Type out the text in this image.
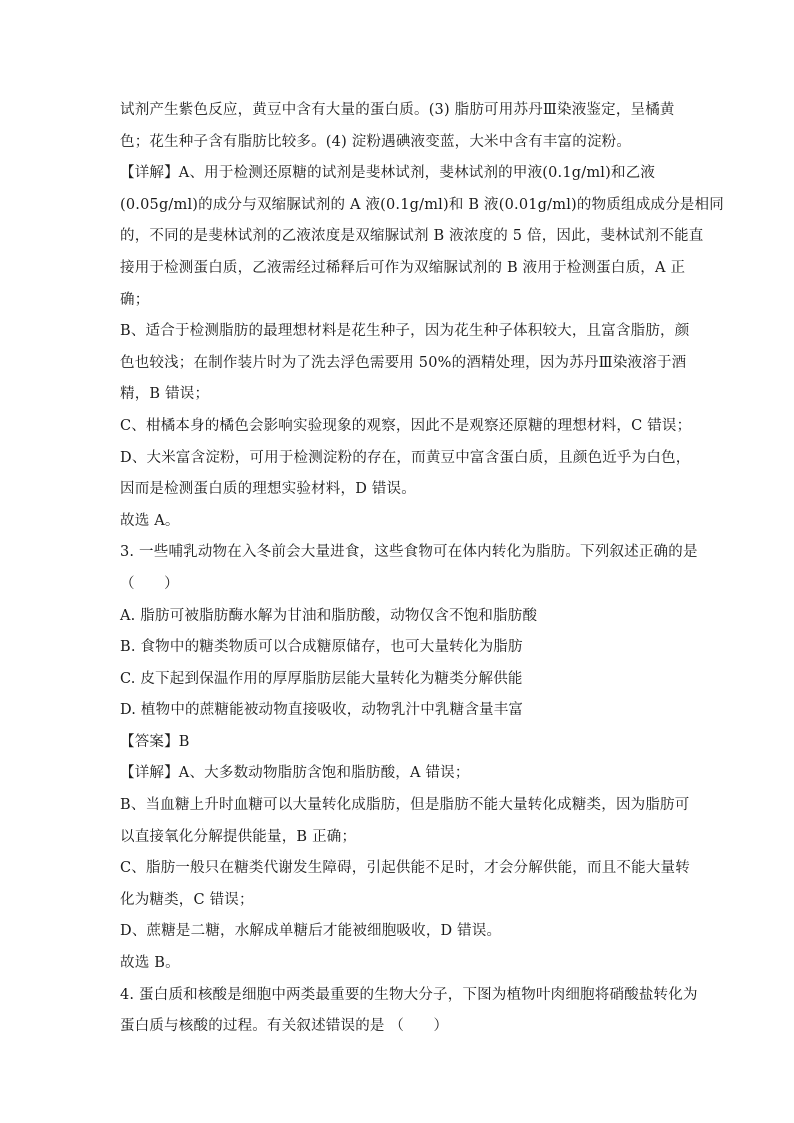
试剂产生紫色反应，黄豆中含有大量的蛋白质。(3) 脂肪可用苏丹Ⅲ染液鉴定，呈橘黄
色；花生种子含有脂肪比较多。(4) 淀粉遇碘液变蓝，大米中含有丰富的淀粉。
【详解】A、用于检测还原糖的试剂是斐林试剂，斐林试剂的甲液(0.1g/ml)和乙液
(0.05g/ml)的成分与双缩脲试剂的 A 液(0.1g/ml)和 B 液(0.01g/ml)的物质组成成分是相同
的，不同的是斐林试剂的乙液浓度是双缩脲试剂 B 液浓度的 5 倍，因此，斐林试剂不能直
接用于检测蛋白质，乙液需经过稀释后可作为双缩脲试剂的 B 液用于检测蛋白质，A 正
确；
B、适合于检测脂肪的最理想材料是花生种子，因为花生种子体积较大，且富含脂肪，颜
色也较浅；在制作装片时为了洗去浮色需要用 50%的酒精处理，因为苏丹Ⅲ染液溶于酒
精，B 错误；
C、柑橘本身的橘色会影响实验现象的观察，因此不是观察还原糖的理想材料，C 错误；
D、大米富含淀粉，可用于检测淀粉的存在，而黄豆中富含蛋白质，且颜色近乎为白色，
因而是检测蛋白质的理想实验材料，D 错误。
故选 A。
3. 一些哺乳动物在入冬前会大量进食，这些食物可在体内转化为脂肪。下列叙述正确的是
（　　）
A. 脂肪可被脂肪酶水解为甘油和脂肪酸，动物仅含不饱和脂肪酸
B. 食物中的糖类物质可以合成糖原储存，也可大量转化为脂肪
C. 皮下起到保温作用的厚厚脂肪层能大量转化为糖类分解供能
D. 植物中的蔗糖能被动物直接吸收，动物乳汁中乳糖含量丰富
【答案】B
【详解】A、大多数动物脂肪含饱和脂肪酸，A 错误；
B、当血糖上升时血糖可以大量转化成脂肪，但是脂肪不能大量转化成糖类，因为脂肪可
以直接氧化分解提供能量，B 正确；
C、脂肪一般只在糖类代谢发生障碍，引起供能不足时，才会分解供能，而且不能大量转
化为糖类，C 错误；
D、蔗糖是二糖，水解成单糖后才能被细胞吸收，D 错误。
故选 B。
4. 蛋白质和核酸是细胞中两类最重要的生物大分子，下图为植物叶肉细胞将硝酸盐转化为
蛋白质与核酸的过程。有关叙述错误的是 （　　）
